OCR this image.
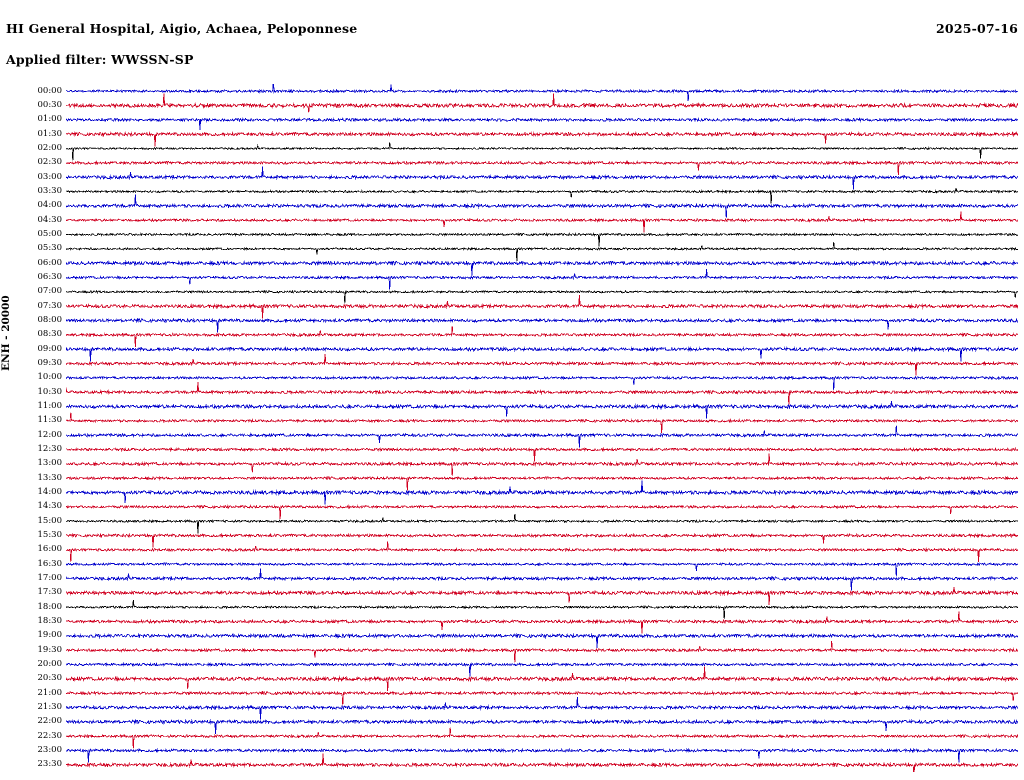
HI General Hospital, Aigio, Achaea, Peloponnese	2025-07-16
Applied filter: WWSSN-SP
ENH - 20000
00:00
00:30
01:00
01:30
02:00
02:30
03:00
03:30
04:00
04:30
05:00
05:30
06:00
06:30
07:00
07:30
08:00
08:30
09:00
09:30
10:00
10:30
11:00
11:30
12:00
12:30
13:00
13:30
14:00
14:30
15:00
15:30
16:00
16:30
17:00
17:30
18:00
18:30
19:00
19:30
20:00
20:30
21:00
21:30
22:00
22:30
23:00
23:30
